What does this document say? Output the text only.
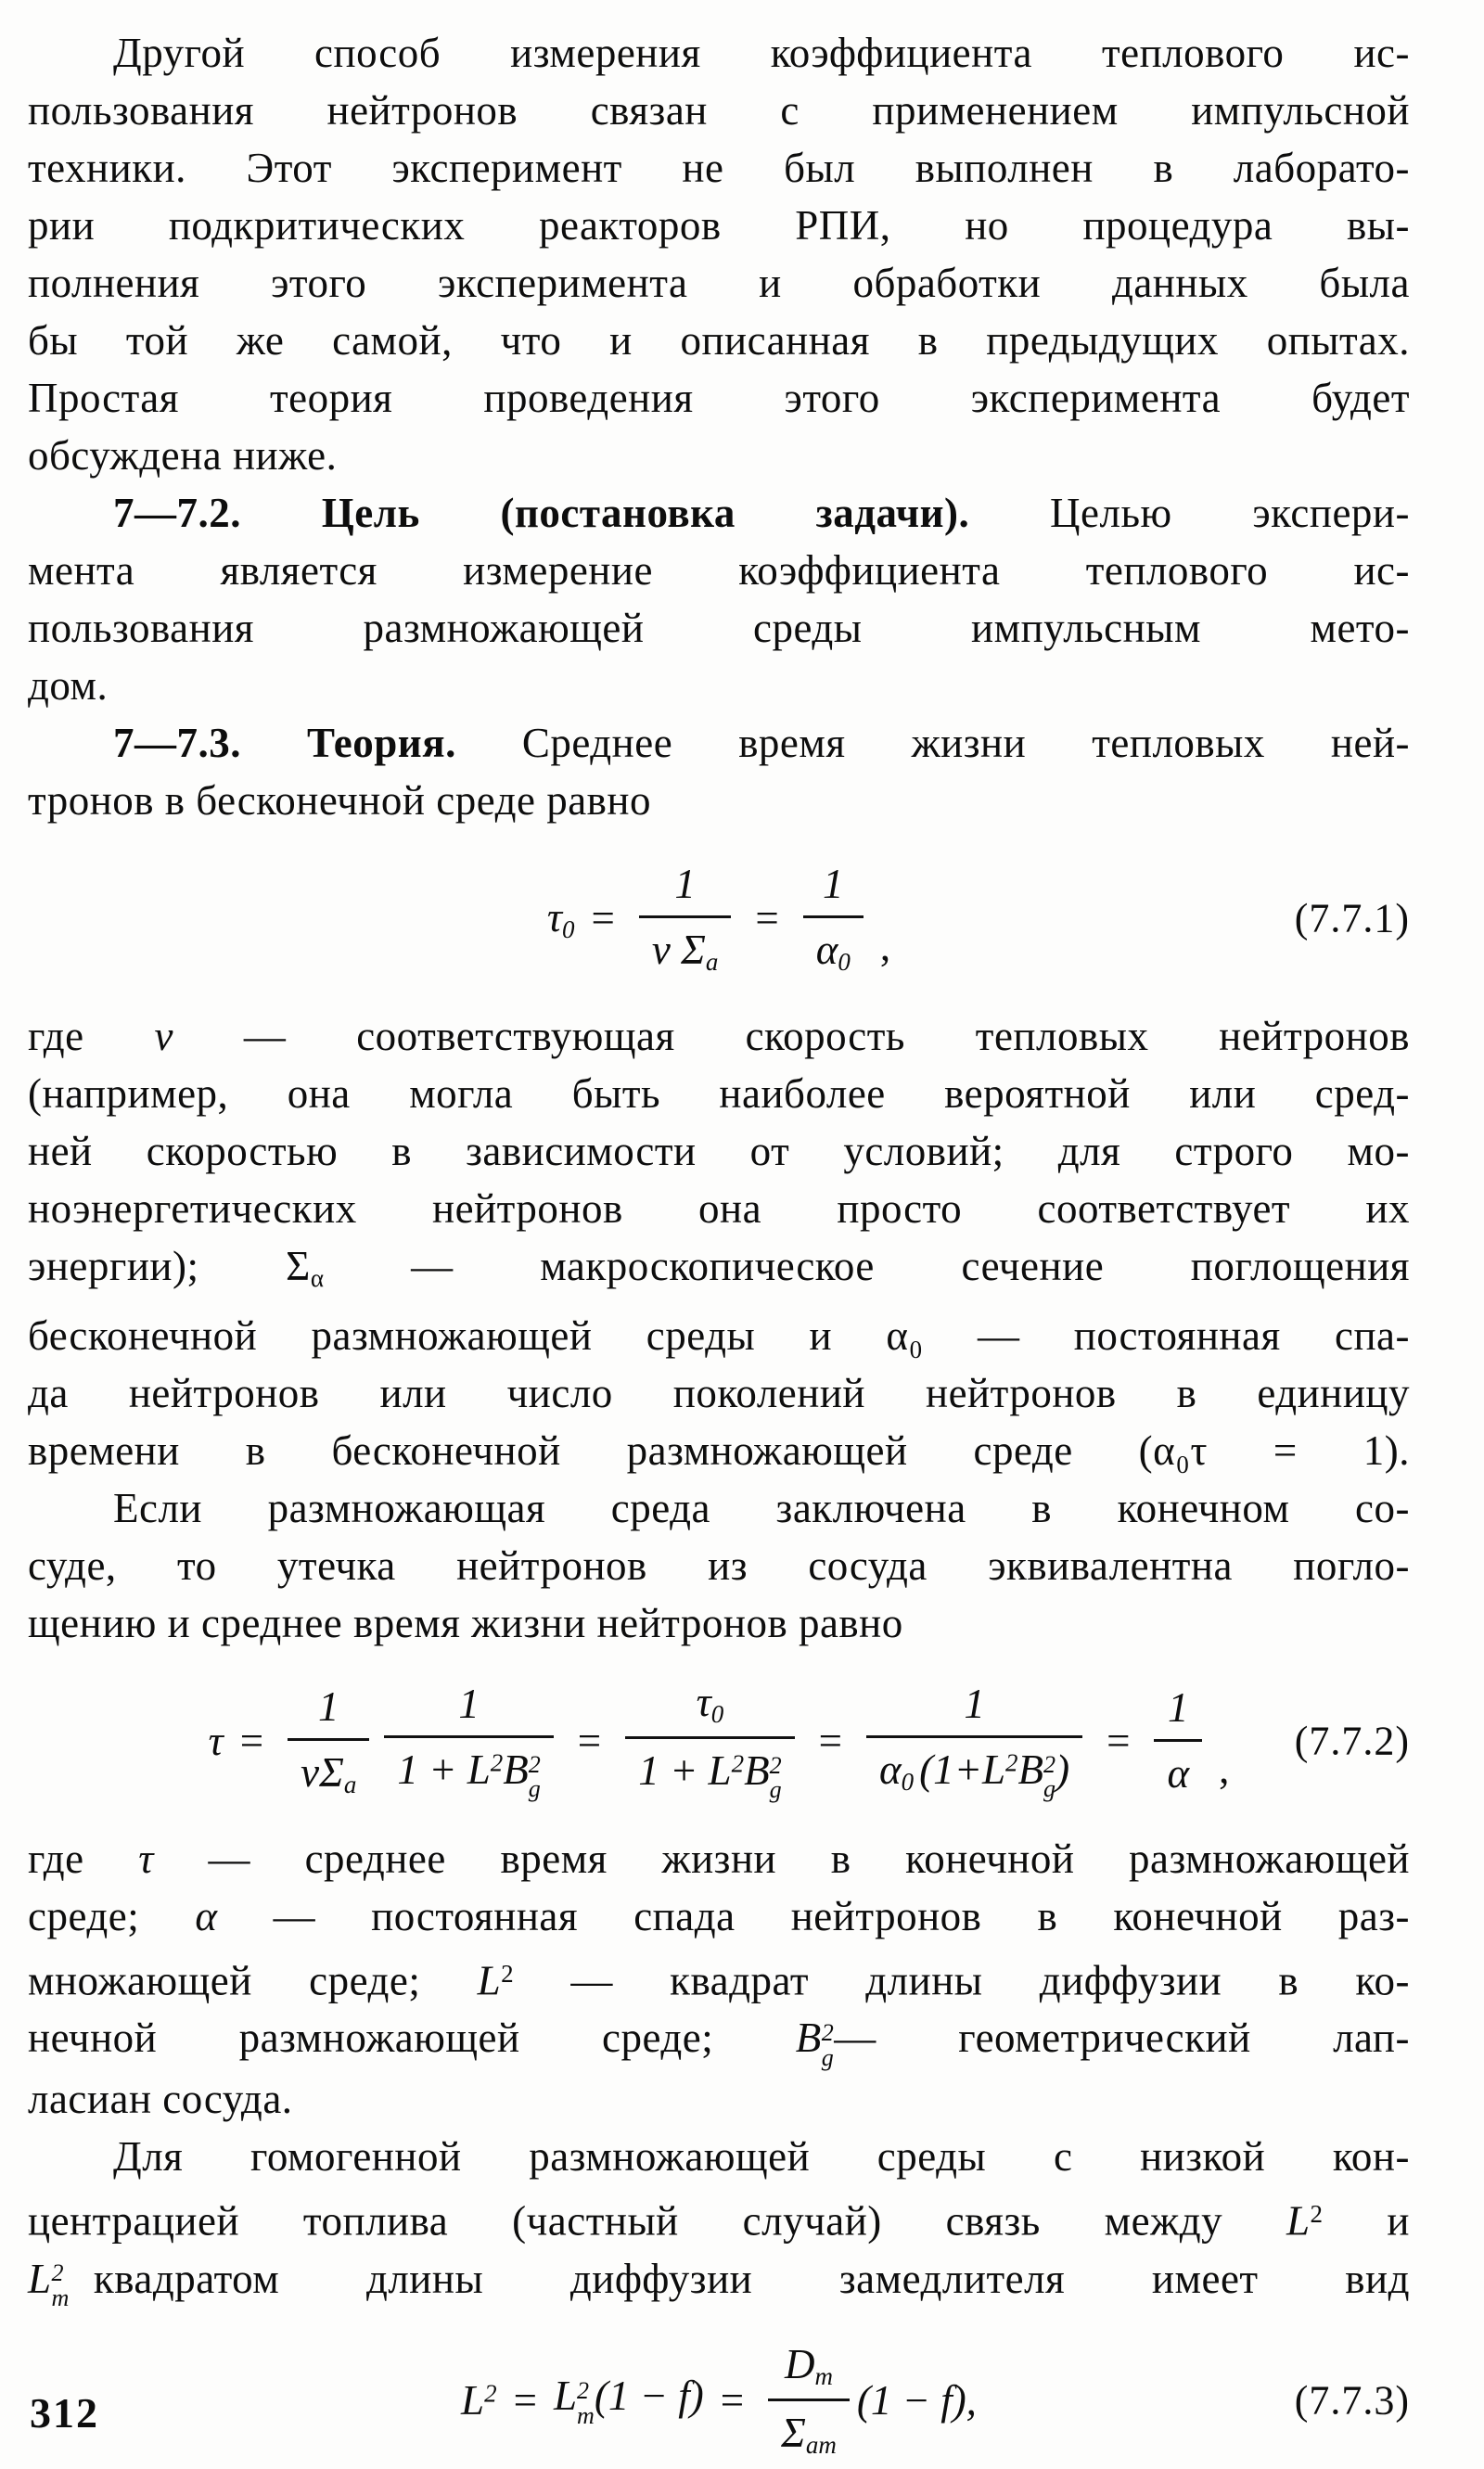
Другой способ измерения коэффициента теплового ис-
пользования нейтронов связан с применением импульсной
техники. Этот эксперимент не был выполнен в лаборато-
рии подкритических реакторов РПИ, но процедура вы-
полнения этого эксперимента и обработки данных была
бы той же самой, что и описанная в предыдущих опытах.
Простая теория проведения этого эксперимента будет
обсуждена ниже.
7—7.2. Цель (постановка задачи). Целью экспери-
мента является измерение коэффициента теплового ис-
пользования размножающей среды импульсным мето-
дом.
7—7.3. Теория. Среднее время жизни тепловых ней-
тронов в бесконечной среде равно
$\tau_0 = \frac{1}{v \Sigma_a} = \frac{1}{\alpha_0}$ ,
(7.7.1)
где v — соответствующая скорость тепловых нейтронов
(например, она могла быть наиболее вероятной или сред-
ней скоростью в зависимости от условий; для строго мо-
ноэнергетических нейтронов она просто соответствует их
энергии); $\Sigma_\alpha$ — макроскопическое сечение поглощения
бесконечной размножающей среды и α₀ — постоянная спа-
да нейтронов или число поколений нейтронов в единицу
времени в бесконечной размножающей среде (α₀τ = 1).
Если размножающая среда заключена в конечном со-
суде, то утечка нейтронов из сосуда эквивалентна погло-
щению и среднее время жизни нейтронов равно
$\tau = \frac{1}{v\Sigma_a} 1$
$1 + L^2B$ 2
$g = \tau_0$
$1 + L^2B$ 2
g = 1
$\alpha_0$ ($1+L^2B$ 2
g ) = $\frac{1}{\alpha}$ ,
(7.7.2)
где τ — среднее время жизни в конечной размножающей
среде; α — постоянная спада нейтронов в конечной раз-
множающей среде; $L^2$ — квадрат длины диффузии в ко-
нечной размножающей среде; B 2
g — геометрический лап-
ласиан сосуда.
Для гомогенной размножающей среды с низкой кон-
центрацией топлива (частный случай) связь между $L^2$ и
L 2
m квадратом длины диффузии замедлителя имеет вид
$L^2 = L$ 2
m $(1 - f) = \frac{D_m}{\Sigma_{am}} (1 - f)$,	(7.7.3)
312
